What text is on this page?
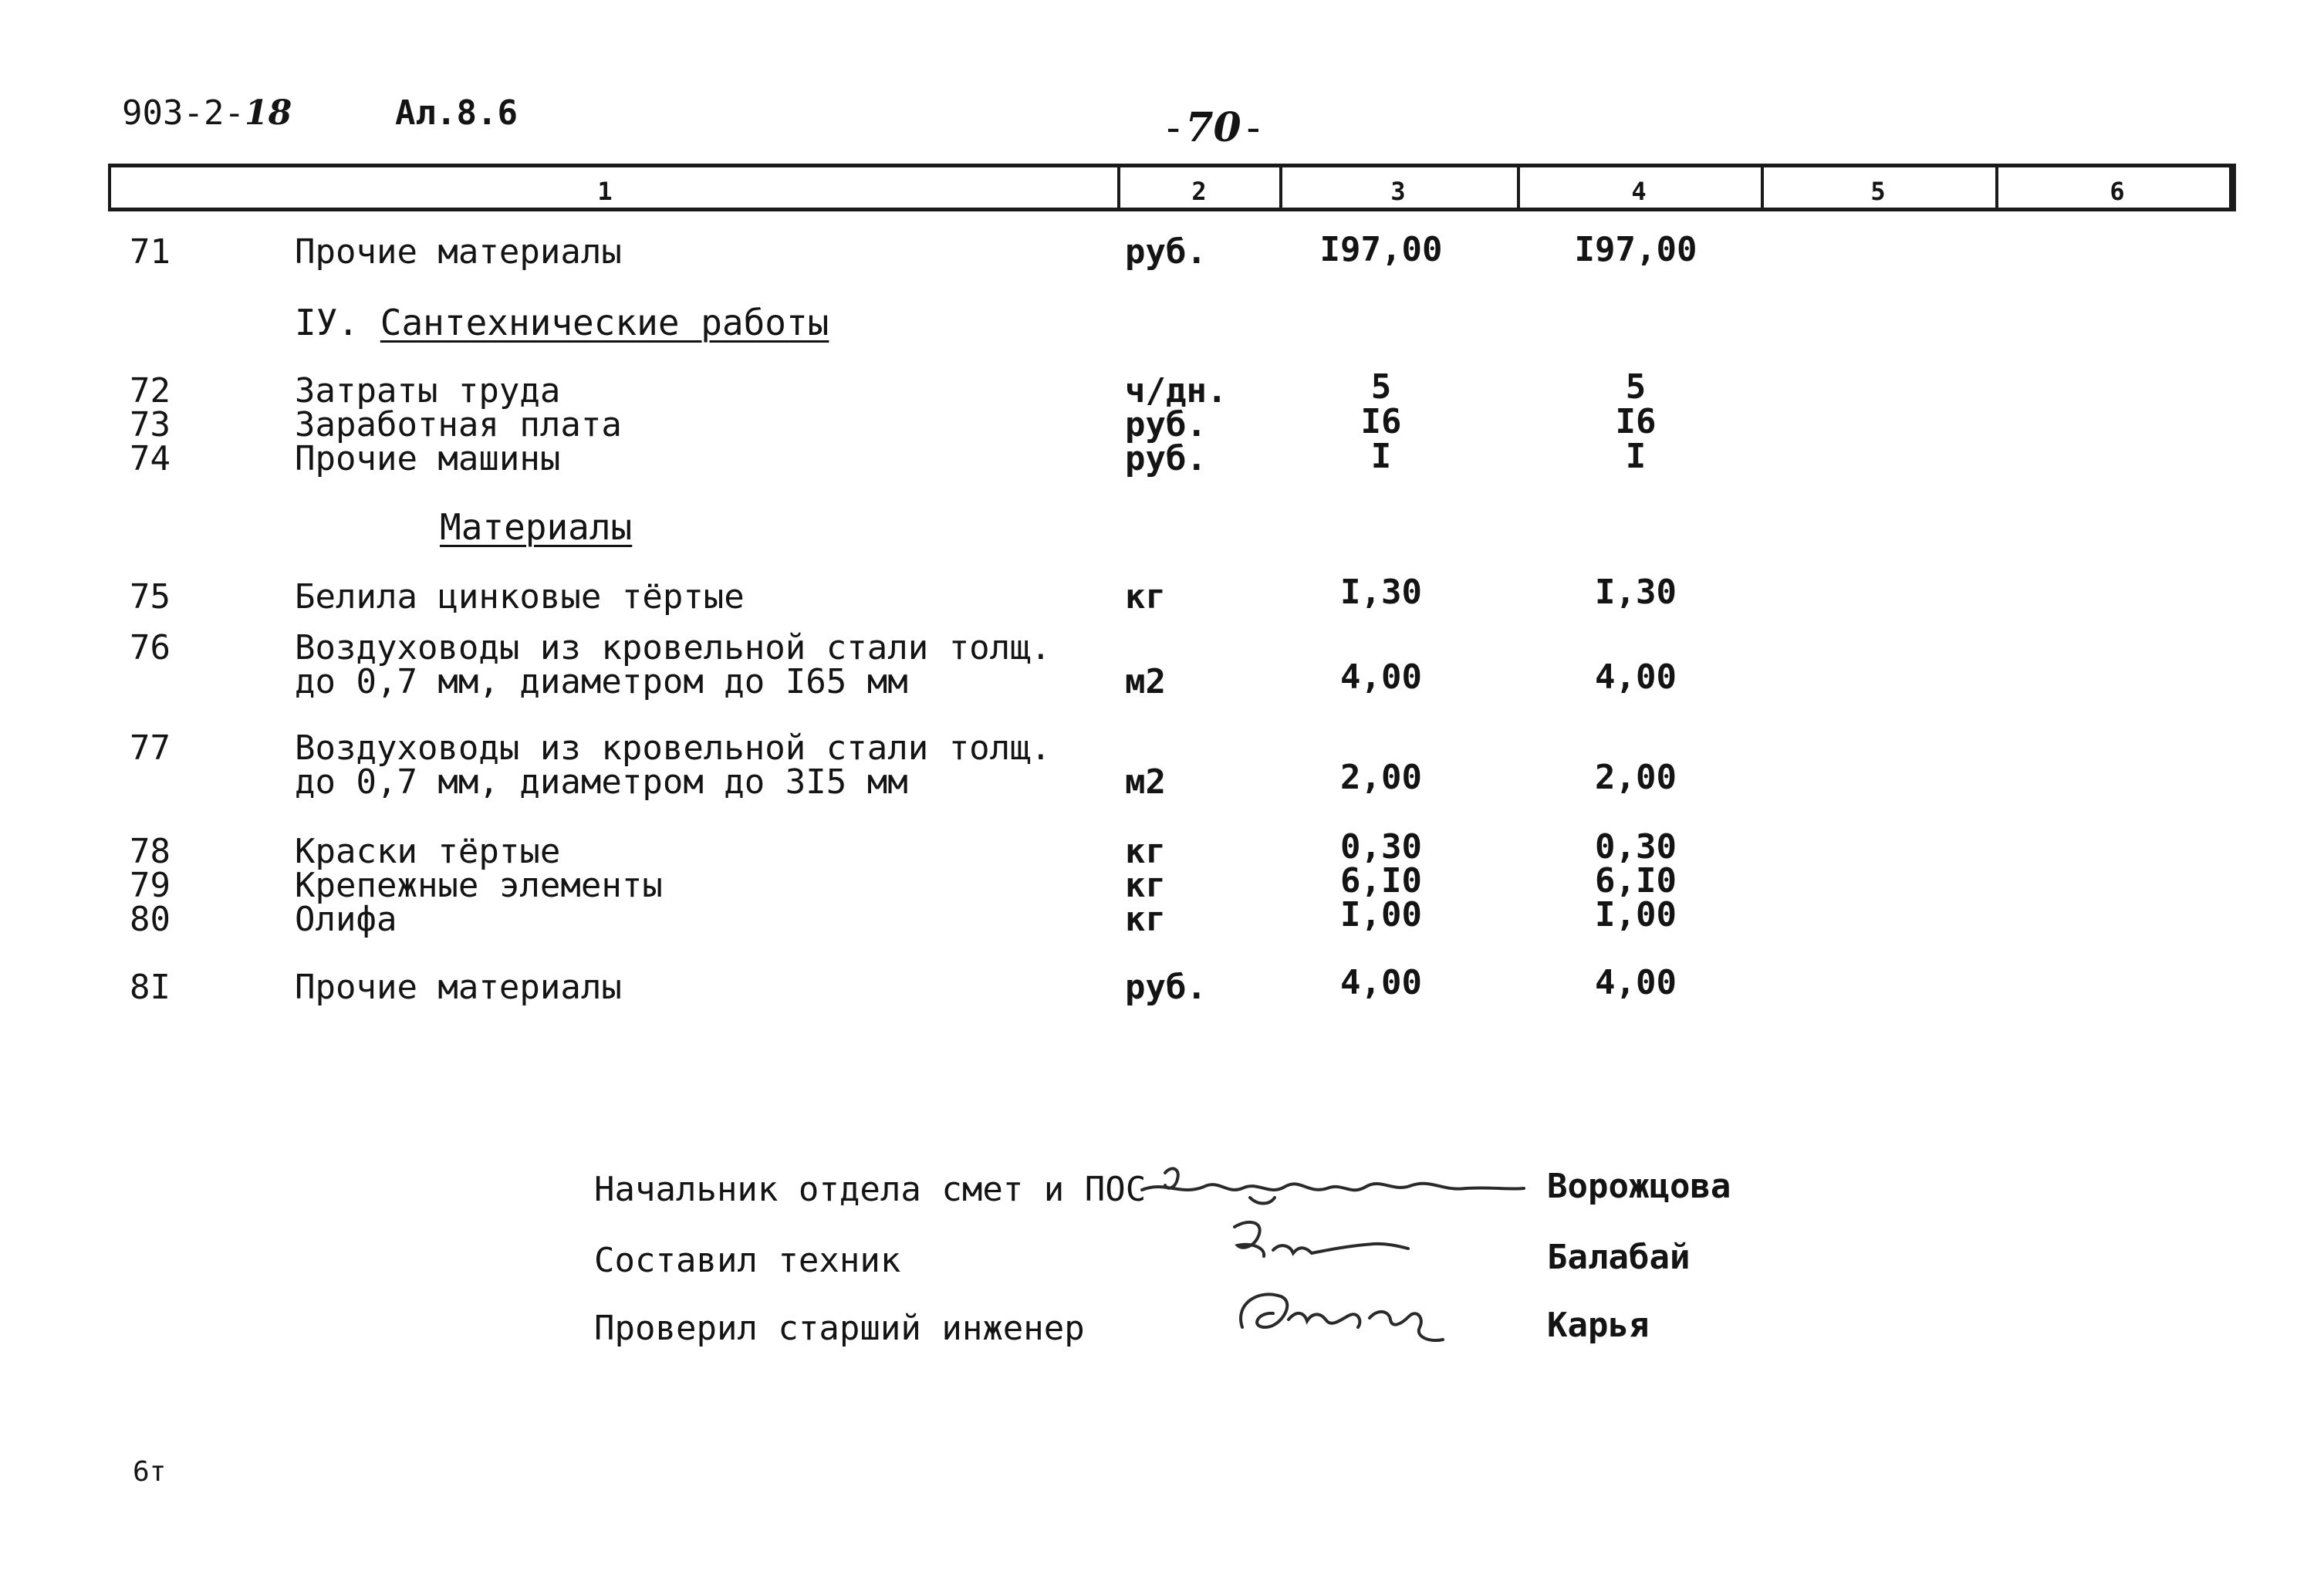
903-2-18	Ал.8.6	-70-
1	2	3	4	5	6
71	Прочие материалы	руб.	I97,00	I97,00
IУ. Сантехнические работы
72	Затраты труда	ч/дн.	5	5
73	Заработная плата	руб.	I6	I6
74	Прочие машины	руб.	I	I
Материалы
75	Белила цинковые тёртые	кг	I,30	I,30
76	Воздуховоды из кровельной стали толщ.
до 0,7 мм, диаметром до I65 мм	м2	4,00	4,00
77	Воздуховоды из кровельной стали толщ.
до 0,7 мм, диаметром до 3I5 мм	м2	2,00	2,00
78	Краски тёртые	кг	0,30	0,30
79	Крепежные элементы	кг	6,I0	6,I0
80	Олифа	кг	I,00	I,00
8I	Прочие материалы	руб.	4,00	4,00
Начальник отдела смет и ПОС	Ворожцова
Составил техник	Балабай
Проверил старший инженер	Карья
6т
